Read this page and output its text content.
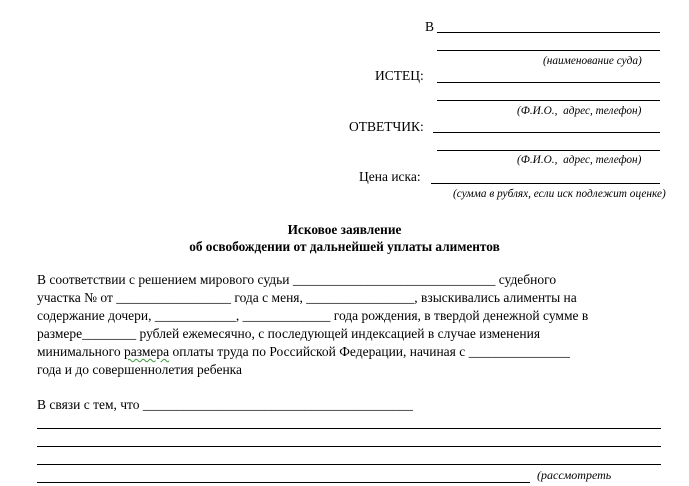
В
(наименование суда)
ИСТЕЦ:
(Ф.И.О.,  адрес, телефон)
ОТВЕТЧИК:
(Ф.И.О.,  адрес, телефон)
Цена иска:
(сумма в рублях, если иск подлежит оценке)
Исковое заявление
об освобождении от дальнейшей уплаты алиментов
В соответствии с решением мирового судьи ______________________________ судебного
участка № от _________________ года с меня, ________________, взыскивались алименты на
содержание дочери, ____________, _____________ года рождения, в твердой денежной сумме в
размере________ рублей ежемесячно, с последующей индексацией в случае изменения
минимального размера оплаты труда по Российской Федерации, начиная с _______________
года и до совершеннолетия ребенка
В связи с тем, что ________________________________________
(рассмотреть
